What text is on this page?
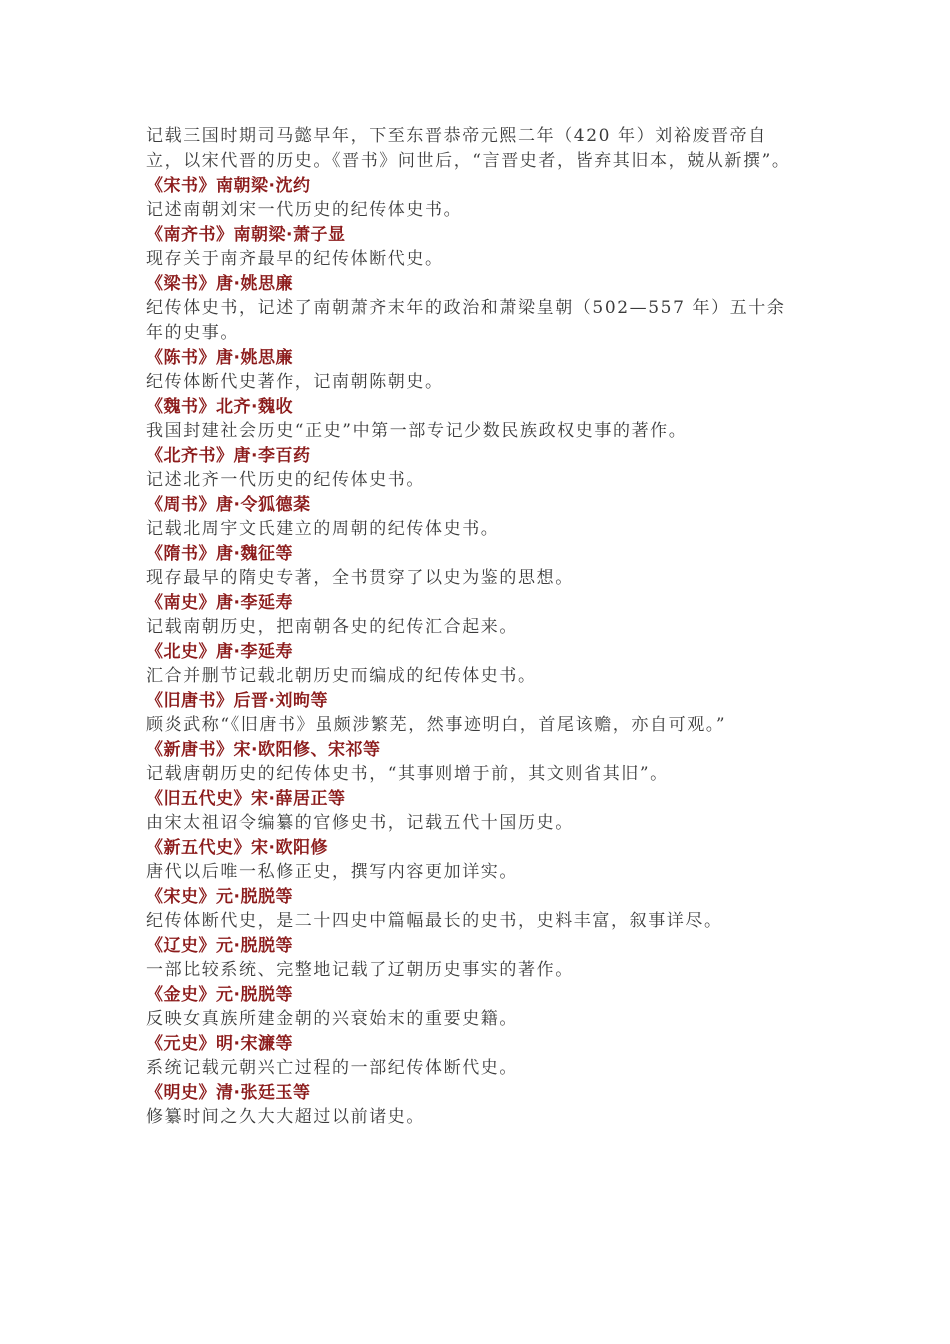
记载三国时期司马懿早年，下至东晋恭帝元熙二年（420 年）刘裕废晋帝自立，以宋代晋的历史。《晋书》问世后，“言晋史者，皆弃其旧本，兢从新撰”。

《宋书》南朝梁·沈约

记述南朝刘宋一代历史的纪传体史书。

《南齐书》南朝梁·萧子显

现存关于南齐最早的纪传体断代史。

《梁书》唐·姚思廉

纪传体史书，记述了南朝萧齐末年的政治和萧梁皇朝（502—557 年）五十余年的史事。

《陈书》唐·姚思廉

纪传体断代史著作，记南朝陈朝史。

《魏书》北齐·魏收

我国封建社会历史“正史”中第一部专记少数民族政权史事的著作。

《北齐书》唐·李百药

记述北齐一代历史的纪传体史书。

《周书》唐·令狐德棻

记载北周宇文氏建立的周朝的纪传体史书。

《隋书》唐·魏征等

现存最早的隋史专著，全书贯穿了以史为鉴的思想。

《南史》唐·李延寿

记载南朝历史，把南朝各史的纪传汇合起来。

《北史》唐·李延寿

汇合并删节记载北朝历史而编成的纪传体史书。

《旧唐书》后晋·刘昫等

顾炎武称“《旧唐书》虽颇涉繁芜，然事迹明白，首尾该赡，亦自可观。”

《新唐书》宋·欧阳修、宋祁等

记载唐朝历史的纪传体史书，“其事则增于前，其文则省其旧”。

《旧五代史》宋·薛居正等

由宋太祖诏令编纂的官修史书，记载五代十国历史。

《新五代史》宋·欧阳修

唐代以后唯一私修正史，撰写内容更加详实。

《宋史》元·脱脱等

纪传体断代史，是二十四史中篇幅最长的史书，史料丰富，叙事详尽。

《辽史》元·脱脱等

一部比较系统、完整地记载了辽朝历史事实的著作。

《金史》元·脱脱等

反映女真族所建金朝的兴衰始末的重要史籍。

《元史》明·宋濂等

系统记载元朝兴亡过程的一部纪传体断代史。

《明史》清·张廷玉等

修纂时间之久大大超过以前诸史。
